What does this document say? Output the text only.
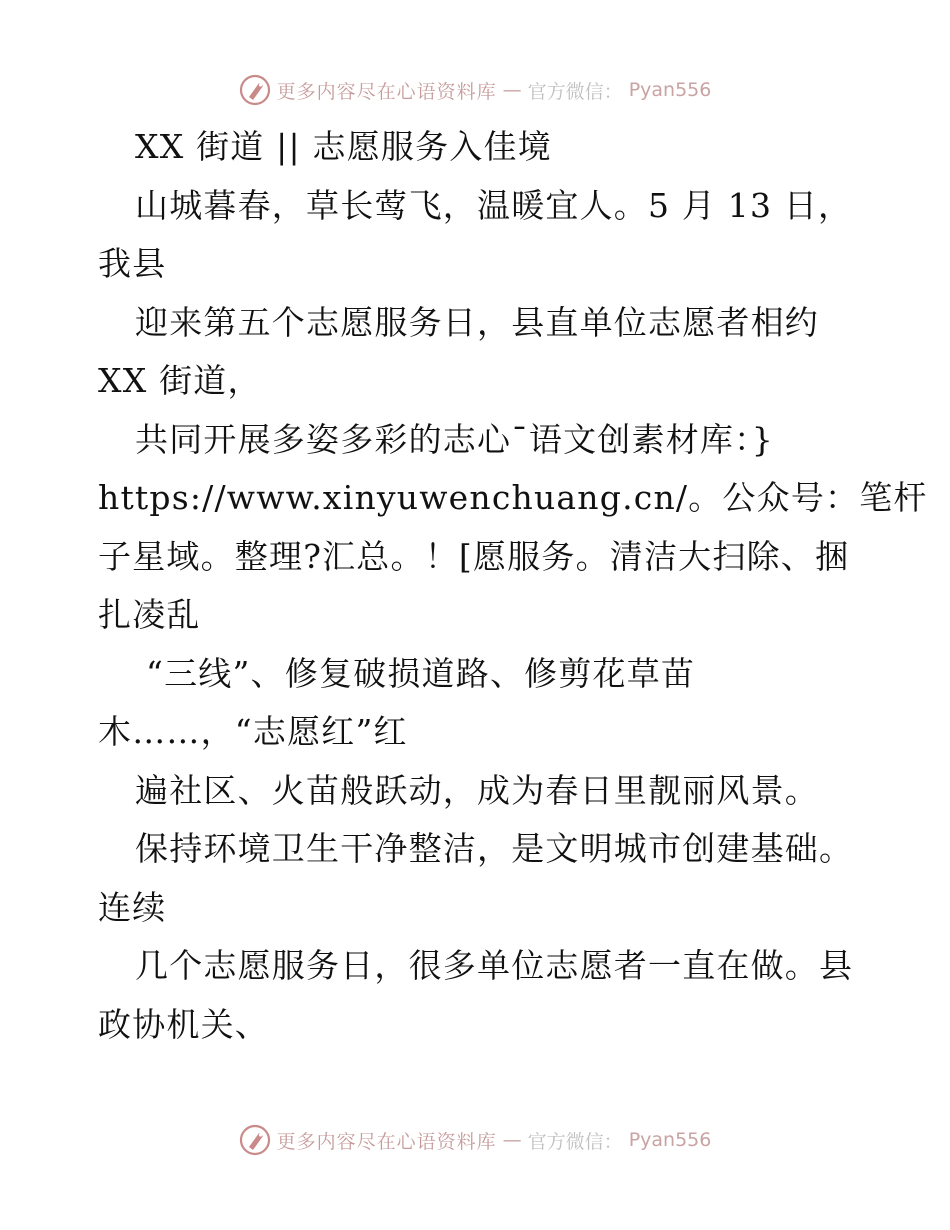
更多内容尽在心语资料库 — 官方微信： Pyan556
XX 街道 || 志愿服务入佳境
山城暮春，草长莺飞，温暖宜人。5 月 13 日，
我县
迎来第五个志愿服务日，县直单位志愿者相约
XX 街道，
共同开展多姿多彩的志心¯语文创素材库：}
https://www.xinyuwenchuang.cn/。公众号：笔杆
子星域。整理?汇总。！[愿服务。清洁大扫除、捆
扎凌乱
“三线”、修复破损道路、修剪花草苗
木……，“志愿红”红
遍社区、火苗般跃动，成为春日里靓丽风景。
保持环境卫生干净整洁，是文明城市创建基础。
连续
几个志愿服务日，很多单位志愿者一直在做。县
政协机关、
更多内容尽在心语资料库 — 官方微信： Pyan556
